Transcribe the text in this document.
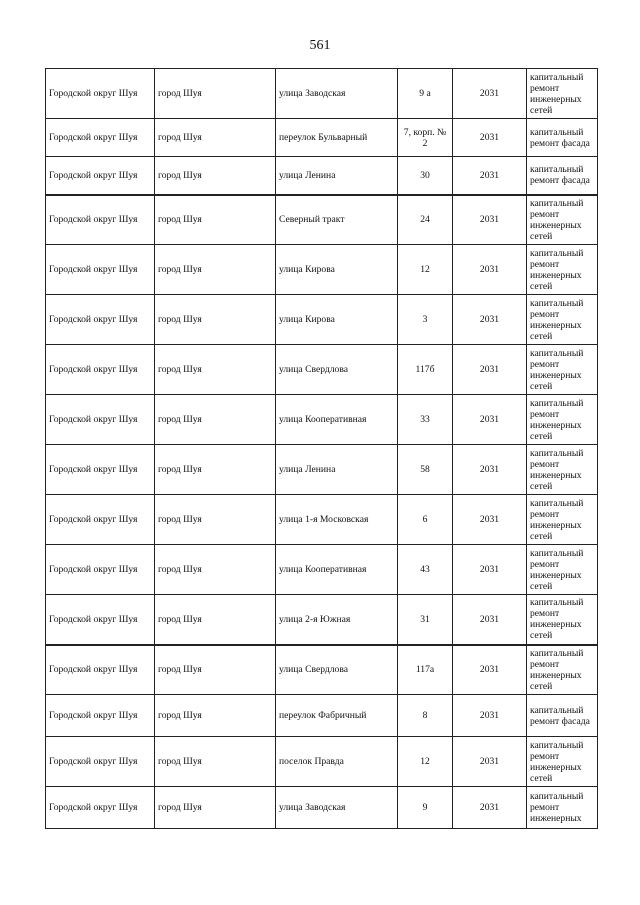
561
Городской округ Шуя	город Шуя	улица Заводская	9 а	2031	капитальный ремонт инженерных сетей
Городской округ Шуя	город Шуя	переулок Бульварный	7, корп. № 2	2031	капитальный ремонт фасада
Городской округ Шуя	город Шуя	улица Ленина	30	2031	капитальный ремонт фасада
Городской округ Шуя	город Шуя	Северный тракт	24	2031	капитальный ремонт инженерных сетей
Городской округ Шуя	город Шуя	улица Кирова	12	2031	капитальный ремонт инженерных сетей
Городской округ Шуя	город Шуя	улица Кирова	3	2031	капитальный ремонт инженерных сетей
Городской округ Шуя	город Шуя	улица Свердлова	117б	2031	капитальный ремонт инженерных сетей
Городской округ Шуя	город Шуя	улица Кооперативная	33	2031	капитальный ремонт инженерных сетей
Городской округ Шуя	город Шуя	улица Ленина	58	2031	капитальный ремонт инженерных сетей
Городской округ Шуя	город Шуя	улица 1-я Московская	6	2031	капитальный ремонт инженерных сетей
Городской округ Шуя	город Шуя	улица Кооперативная	43	2031	капитальный ремонт инженерных сетей
Городской округ Шуя	город Шуя	улица 2-я Южная	31	2031	капитальный ремонт инженерных сетей
Городской округ Шуя	город Шуя	улица Свердлова	117а	2031	капитальный ремонт инженерных сетей
Городской округ Шуя	город Шуя	переулок Фабричный	8	2031	капитальный ремонт фасада
Городской округ Шуя	город Шуя	поселок Правда	12	2031	капитальный ремонт инженерных сетей
Городской округ Шуя	город Шуя	улица Заводская	9	2031	капитальный ремонт инженерных
